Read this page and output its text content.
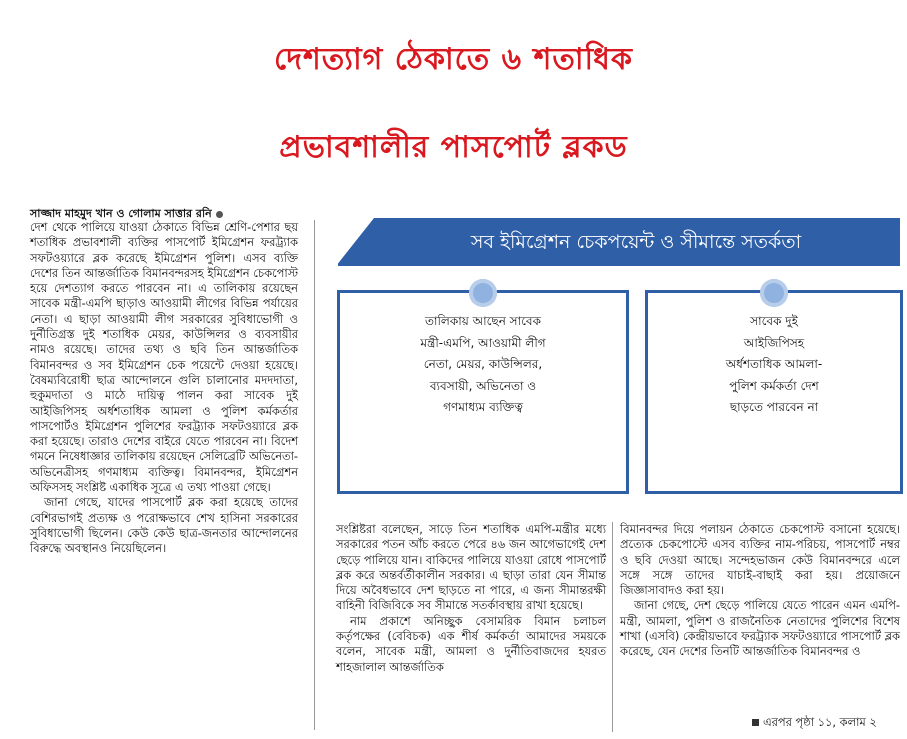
দেশত্যাগ ঠেকাতে ৬ শতাধিক
প্রভাবশালীর পাসপোর্ট ব্লকড
সাজ্জাদ মাহমুদ খান ও গোলাম সাত্তার রনি

দেশ থেকে পালিয়ে যাওয়া ঠেকাতে বিভিন্ন শ্রেণি-পেশার ছয় শতাধিক প্রভাবশালী ব্যক্তির পাসপোর্ট ইমিগ্রেশন ফরট্র্যাক সফটওয়্যারে ব্লক করেছে ইমিগ্রেশন পুলিশ। এসব ব্যক্তি দেশের তিন আন্তর্জাতিক বিমানবন্দরসহ ইমিগ্রেশন চেকপোস্ট হয়ে দেশত্যাগ করতে পারবেন না। এ তালিকায় রয়েছেন সাবেক মন্ত্রী-এমপি ছাড়াও আওয়ামী লীগের বিভিন্ন পর্যায়ের নেতা। এ ছাড়া আওয়ামী লীগ সরকারের সুবিধাভোগী ও দুর্নীতিগ্রস্ত দুই শতাধিক মেয়র, কাউন্সিলর ও ব্যবসায়ীর নামও রয়েছে। তাদের তথ্য ও ছবি তিন আন্তর্জাতিক বিমানবন্দর ও সব ইমিগ্রেশন চেক পয়েন্টে দেওয়া হয়েছে। বৈষম্যবিরোধী ছাত্র আন্দোলনে গুলি চালানোর মদদদাতা, হুকুমদাতা ও মাঠে দায়িত্ব পালন করা সাবেক দুই আইজিপিসহ অর্ধশতাধিক আমলা ও পুলিশ কর্মকর্তার পাসপোর্টও ইমিগ্রেশন পুলিশের ফরট্র্যাক সফটওয়্যারে ব্লক করা হয়েছে। তারাও দেশের বাইরে যেতে পারবেন না। বিদেশ গমনে নিষেধাজ্ঞার তালিকায় রয়েছেন সেলিব্রেটি অভিনেতা-অভিনেত্রীসহ গণমাধ্যম ব্যক্তিত্ব। বিমানবন্দর, ইমিগ্রেশন অফিসসহ সংশ্লিষ্ট একাধিক সূত্রে এ তথ্য পাওয়া গেছে।

জানা গেছে, যাদের পাসপোর্ট ব্লক করা হয়েছে তাদের বেশিরভাগই প্রত্যক্ষ ও পরোক্ষভাবে শেখ হাসিনা সরকারের সুবিধাভোগী ছিলেন। কেউ কেউ ছাত্র-জনতার আন্দোলনের বিরুদ্ধে অবস্থানও নিয়েছিলেন।

সব ইমিগ্রেশন চেকপয়েন্ট ও সীমান্তে সতর্কতা
তালিকায় আছেন সাবেক
মন্ত্রী-এমপি, আওয়ামী লীগ
নেতা, মেয়র, কাউন্সিলর,
ব্যবসায়ী, অভিনেতা ও
গণমাধ্যম ব্যক্তিত্ব
সাবেক দুই
আইজিপিসহ
অর্ধশতাধিক আমলা-
পুলিশ কর্মকর্তা দেশ
ছাড়তে পারবেন না

সংশ্লিষ্টরা বলেছেন, সাড়ে তিন শতাধিক এমপি-মন্ত্রীর মধ্যে সরকারের পতন আঁচ করতে পেরে ৪৬ জন আগেভাগেই দেশ ছেড়ে পালিয়ে যান। বাকিদের পালিয়ে যাওয়া রোধে পাসপোর্ট ব্লক করে অন্তর্বর্তীকালীন সরকার। এ ছাড়া তারা যেন সীমান্ত দিয়ে অবৈধভাবে দেশ ছাড়তে না পারে, এ জন্য সীমান্তরক্ষী বাহিনী বিজিবিকে সব সীমান্তে সতর্কাবস্থায় রাখা হয়েছে।

নাম প্রকাশে অনিচ্ছুক বেসামরিক বিমান চলাচল কর্তৃপক্ষের (বেবিচক) এক শীর্ষ কর্মকর্তা আমাদের সময়কে বলেন, সাবেক মন্ত্রী, আমলা ও দুর্নীতিবাজদের হযরত শাহজালাল আন্তর্জাতিক

বিমানবন্দর দিয়ে পলায়ন ঠেকাতে চেকপোস্ট বসানো হয়েছে। প্রত্যেক চেকপোস্টে এসব ব্যক্তির নাম-পরিচয়, পাসপোর্ট নম্বর ও ছবি দেওয়া আছে। সন্দেহভাজন কেউ বিমানবন্দরে এলে সঙ্গে সঙ্গে তাদের যাচাই-বাছাই করা হয়। প্রয়োজনে জিজ্ঞাসাবাদও করা হয়।

জানা গেছে, দেশ ছেড়ে পালিয়ে যেতে পারেন এমন এমপি-মন্ত্রী, আমলা, পুলিশ ও রাজনৈতিক নেতাদের পুলিশের বিশেষ শাখা (এসবি) কেন্দ্রীয়ভাবে ফরট্র্যাক সফটওয়্যারে পাসপোর্ট ব্লক করেছে, যেন দেশের তিনটি আন্তর্জাতিক বিমানবন্দর ও

এরপর পৃষ্ঠা ১১, কলাম ২
